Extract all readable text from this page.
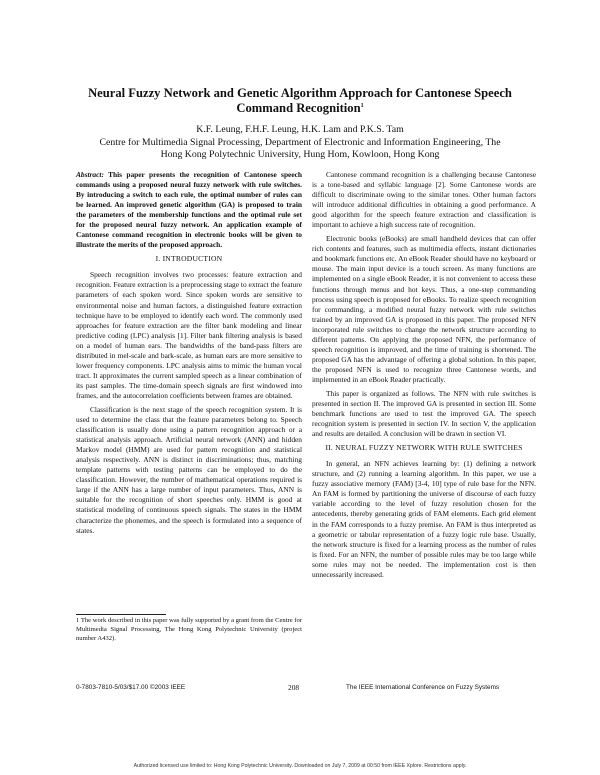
Neural Fuzzy Network and Genetic Algorithm Approach for Cantonese Speech Command Recognition$^1$
K.F. Leung, F.H.F. Leung, H.K. Lam and P.K.S. Tam
Centre for Multimedia Signal Processing, Department of Electronic and Information Engineering, The Hong Kong Polytechnic University, Hung Hom, Kowloon, Hong Kong

Abstract: This paper presents the recognition of Cantonese speech commands using a proposed neural fuzzy network with rule switches. By introducing a switch to each rule, the optimal number of rules can be learned. An improved genetic algorithm (GA) is proposed to train the parameters of the membership functions and the optimal rule set for the proposed neural fuzzy network. An application example of Cantonese command recognition in electronic books will be given to illustrate the merits of the proposed approach.

I. INTRODUCTION

Speech recognition involves two processes: feature extraction and recognition. Feature extraction is a preprocessing stage to extract the feature parameters of each spoken word. Since spoken words are sensitive to environmental noise and human factors, a distinguished feature extraction technique have to be employed to identify each word. The commonly used approaches for feature extraction are the filter bank modeling and linear predictive coding (LPC) analysis [1]. Filter bank filtering analysis is based on a model of human ears. The bandwidths of the band-pass filters are distributed in mel-scale and bark-scale, as human ears are more sensitive to lower frequency components. LPC analysis aims to mimic the human vocal tract. It approximates the current sampled speech as a linear combination of its past samples. The time-domain speech signals are first windowed into frames, and the autocorrelation coefficients between frames are obtained.

Classification is the next stage of the speech recognition system. It is used to determine the class that the feature parameters belong to. Speech classification is usually done using a pattern recognition approach or a statistical analysis approach. Artificial neural network (ANN) and hidden Markov model (HMM) are used for pattern recognition and statistical analysis respectively. ANN is distinct in discriminations; thus, matching template patterns with testing patterns can be employed to do the classification. However, the number of mathematical operations required is large if the ANN has a large number of input parameters. Thus, ANN is suitable for the recognition of short speeches only. HMM is good at statistical modeling of continuous speech signals. The states in the HMM characterize the phonemes, and the speech is formulated into a sequence of states.

1 The work described in this paper was fully supported by a grant from the Centre for Multimedia Signal Processing, The Hong Kong Polytechnic University (project number A432).

Cantonese command recognition is a challenging because Cantonese is a tone-based and syllabic language [2]. Some Cantonese words are difficult to discriminate owing to the similar tones. Other human factors will introduce additional difficulties in obtaining a good performance. A good algorithm for the speech feature extraction and classification is important to achieve a high success rate of recognition.

Electronic books (eBooks) are small handheld devices that can offer rich contents and features, such as multimedia effects, instant dictionaries and bookmark functions etc. An eBook Reader should have no keyboard or mouse. The main input device is a touch screen. As many functions are implemented on a single eBook Reader, it is not convenient to access these functions through menus and hot keys. Thus, a one-step commanding process using speech is proposed for eBooks. To realize speech recognition for commanding, a modified neural fuzzy network with rule switches trained by an improved GA is proposed in this paper. The proposed NFN incorporated rule switches to change the network structure according to different patterns. On applying the proposed NFN, the performance of speech recognition is improved, and the time of training is shortened. The proposed GA has the advantage of offering a global solution. In this paper, the proposed NFN is used to recognize three Cantonese words, and implemented in an eBook Reader practically.

This paper is organized as follows. The NFN with rule switches is presented in section II. The improved GA is presented in section III. Some benchmark functions are used to test the improved GA. The speech recognition system is presented in section IV. In section V, the application and results are detailed. A conclusion will be drawn in section VI.

II. NEURAL FUZZY NETWORK WITH RULE SWITCHES

In general, an NFN achieves learning by: (1) defining a network structure, and (2) running a learning algorithm. In this paper, we use a fuzzy associative memory (FAM) [3-4, 10] type of rule base for the NFN. An FAM is formed by partitioning the universe of discourse of each fuzzy variable according to the level of fuzzy resolution chosen for the antecedents, thereby generating grids of FAM elements. Each grid element in the FAM corresponds to a fuzzy premise. An FAM is thus interpreted as a geometric or tabular representation of a fuzzy logic rule base. Usually, the network structure is fixed for a learning process as the number of rules is fixed. For an NFN, the number of possible rules may be too large while some rules may not be needed. The implementation cost is then unnecessarily increased.

0-7803-7810-5/03/$17.00 ©2003 IEEE	208	The IEEE International Conference on Fuzzy Systems
Authorized licensed use limited to: Hong Kong Polytechnic University. Downloaded on July 7, 2009 at 00:50 from IEEE Xplore. Restrictions apply.
